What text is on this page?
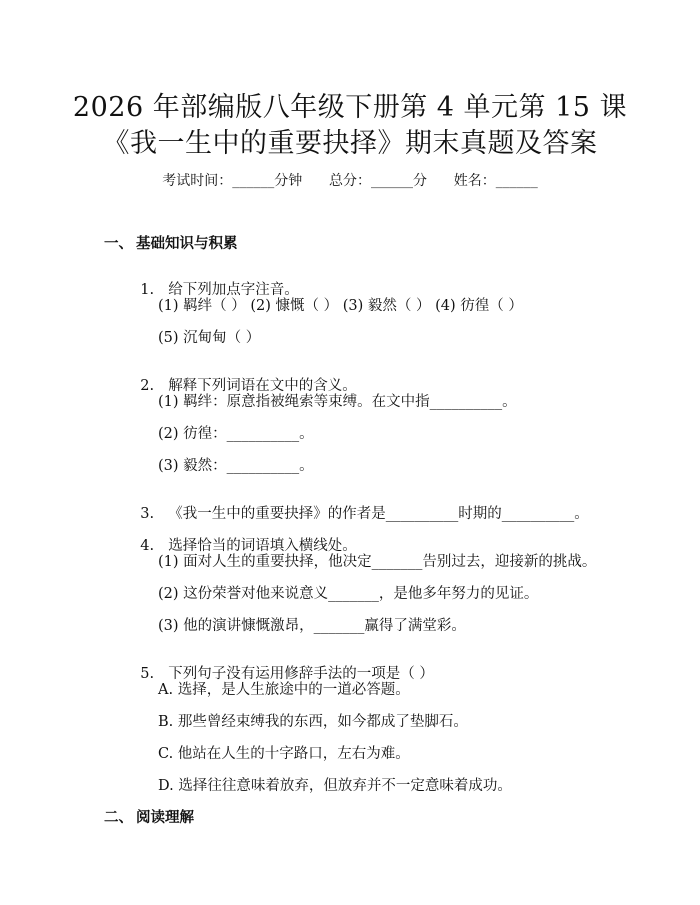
2026 年部编版八年级下册第 4 单元第 15 课
《我一生中的重要抉择》期末真题及答案
考试时间：______分钟      总分：______分      姓名：______
一、 基础知识与积累

1. 给下列加点字注音。

(1) 羁绊（ ） (2) 慷慨（ ） (3) 毅然（ ） (4) 彷徨（ ）
(5) 沉甸甸（ ）

2. 解释下列词语在文中的含义。

(1) 羁绊：原意指被绳索等束缚。在文中指__________。
(2) 彷徨：__________。
(3) 毅然：__________。

3. 《我一生中的重要抉择》的作者是__________时期的__________。

4. 选择恰当的词语填入横线处。

(1) 面对人生的重要抉择，他决定_______告别过去，迎接新的挑战。
(2) 这份荣誉对他来说意义_______，是他多年努力的见证。
(3) 他的演讲慷慨激昂，_______赢得了满堂彩。

5. 下列句子没有运用修辞手法的一项是（ ）

A. 选择，是人生旅途中的一道必答题。
B. 那些曾经束缚我的东西，如今都成了垫脚石。
C. 他站在人生的十字路口，左右为难。
D. 选择往往意味着放弃，但放弃并不一定意味着成功。
二、 阅读理解
